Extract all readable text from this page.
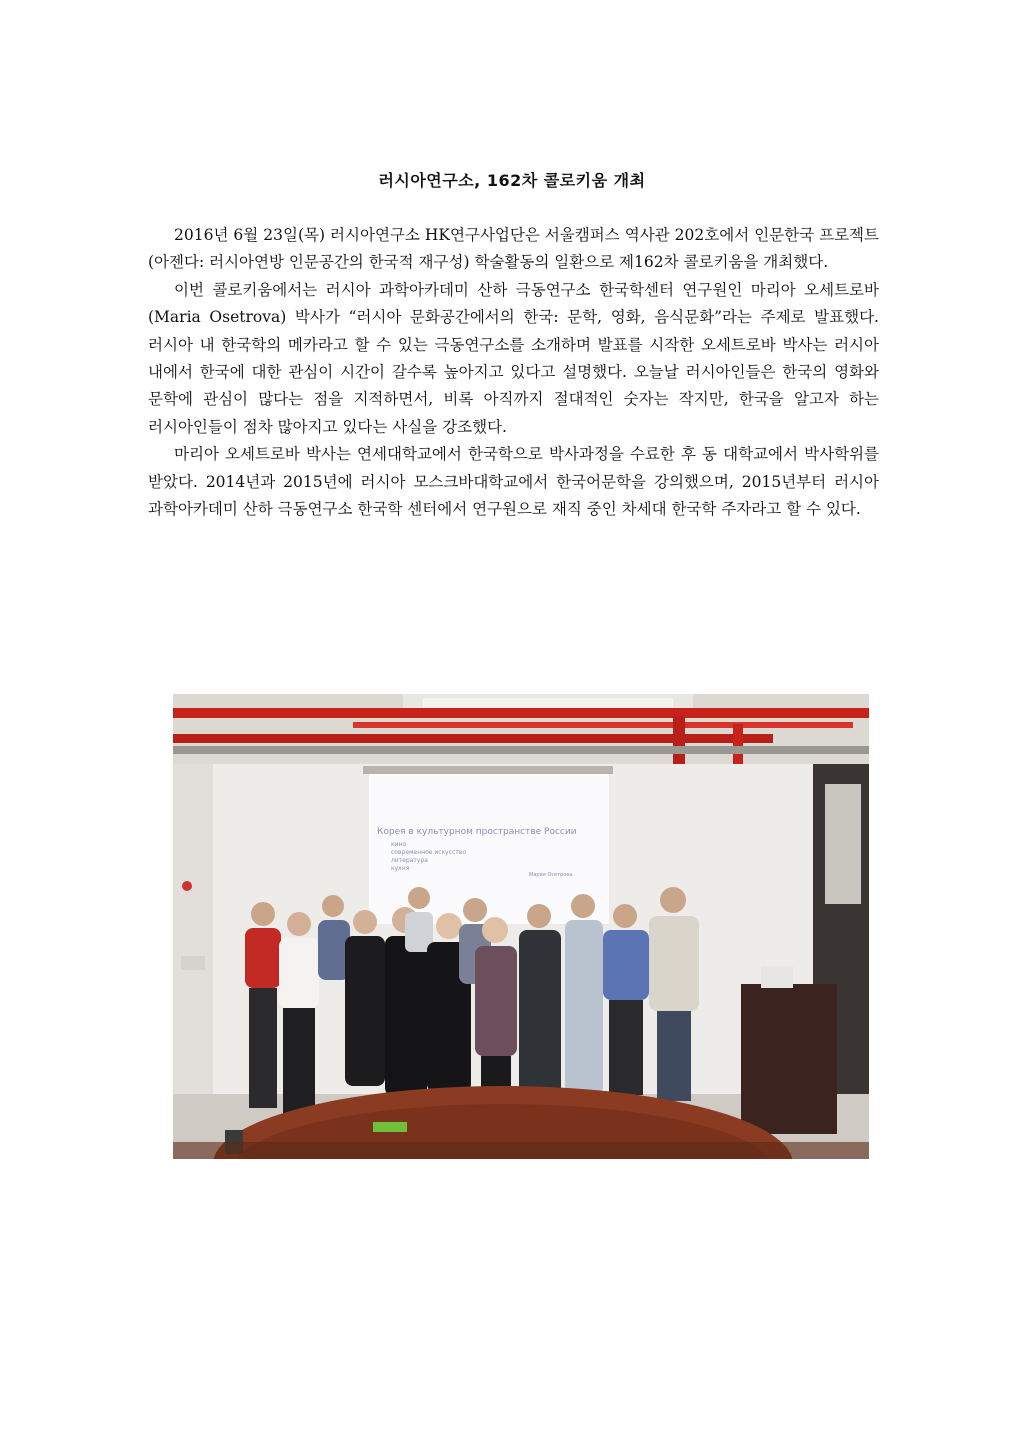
러시아연구소, 162차 콜로키움 개최

2016년 6월 23일(목) 러시아연구소 HK연구사업단은 서울캠퍼스 역사관 202호에서 인문한국 프로젝트(아젠다: 러시아연방 인문공간의 한국적 재구성) 학술활동의 일환으로 제162차 콜로키움을 개최했다.

이번 콜로키움에서는 러시아 과학아카데미 산하 극동연구소 한국학센터 연구원인 마리아 오세트로바(Maria Osetrova) 박사가 “러시아 문화공간에서의 한국: 문학, 영화, 음식문화”라는 주제로 발표했다. 러시아 내 한국학의 메카라고 할 수 있는 극동연구소를 소개하며 발표를 시작한 오세트로바 박사는 러시아 내에서 한국에 대한 관심이 시간이 갈수록 높아지고 있다고 설명했다. 오늘날 러시아인들은 한국의 영화와 문학에 관심이 많다는 점을 지적하면서, 비록 아직까지 절대적인 숫자는 작지만, 한국을 알고자 하는 러시아인들이 점차 많아지고 있다는 사실을 강조했다.

마리아 오세트로바 박사는 연세대학교에서 한국학으로 박사과정을 수료한 후 동 대학교에서 박사학위를 받았다. 2014년과 2015년에 러시아 모스크바대학교에서 한국어문학을 강의했으며, 2015년부터 러시아 과학아카데미 산하 극동연구소 한국학 센터에서 연구원으로 재직 중인 차세대 한국학 주자라고 할 수 있다.

Корея в культурном пространстве России
кино
современное искусство
литература
кухня
Мария Осетрова
